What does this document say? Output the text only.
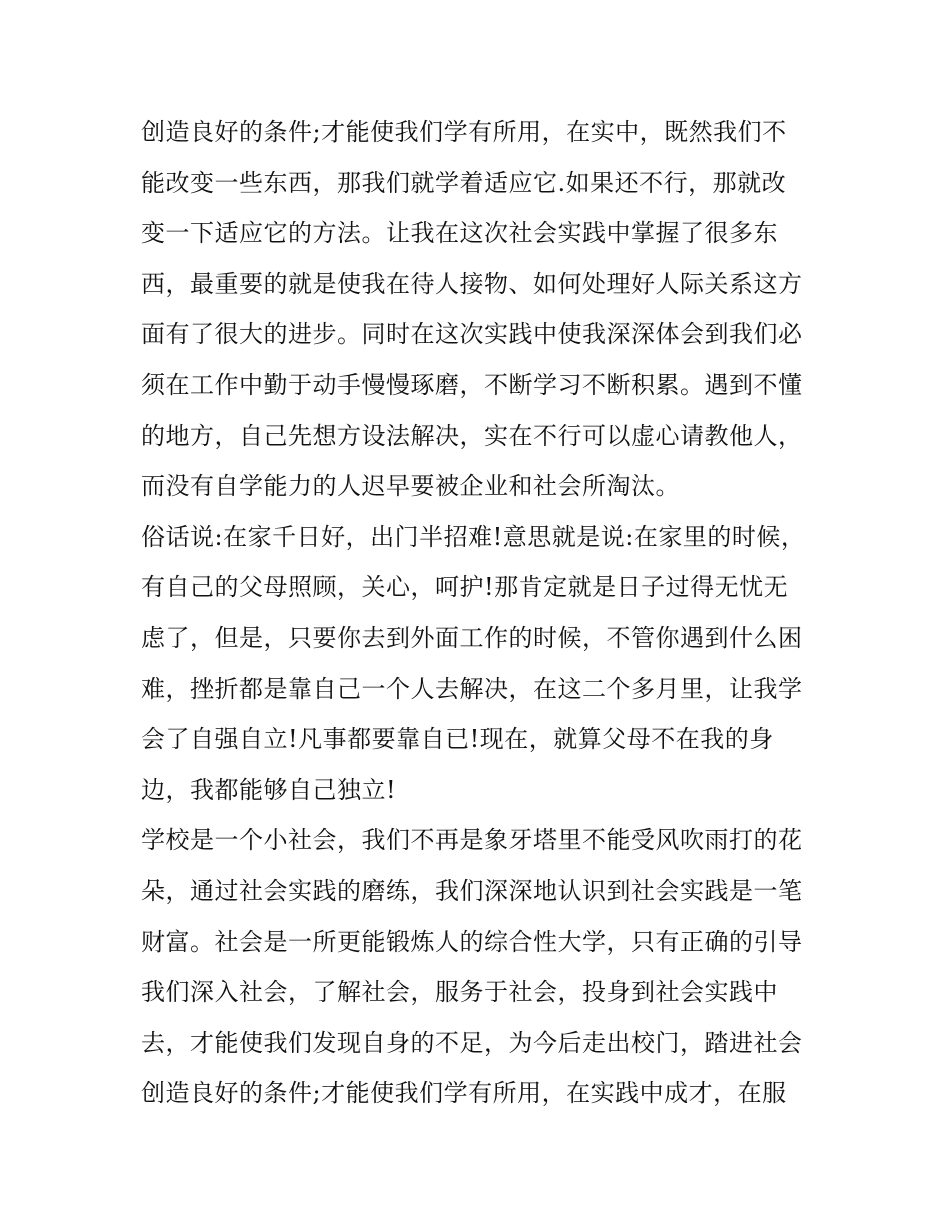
创造良好的条件;才能使我们学有所用，在实中，既然我们不
能改变一些东西，那我们就学着适应它.如果还不行，那就改
变一下适应它的方法。让我在这次社会实践中掌握了很多东
西，最重要的就是使我在待人接物、如何处理好人际关系这方
面有了很大的进步。同时在这次实践中使我深深体会到我们必
须在工作中勤于动手慢慢琢磨，不断学习不断积累。遇到不懂
的地方，自己先想方设法解决，实在不行可以虚心请教他人，
而没有自学能力的人迟早要被企业和社会所淘汰。
俗话说:在家千日好，出门半招难!意思就是说:在家里的时候，
有自己的父母照顾，关心，呵护!那肯定就是日子过得无忧无
虑了，但是，只要你去到外面工作的时候，不管你遇到什么困
难，挫折都是靠自己一个人去解决，在这二个多月里，让我学
会了自强自立!凡事都要靠自已!现在，就算父母不在我的身
边，我都能够自己独立!
学校是一个小社会，我们不再是象牙塔里不能受风吹雨打的花
朵，通过社会实践的磨练，我们深深地认识到社会实践是一笔
财富。社会是一所更能锻炼人的综合性大学，只有正确的引导
我们深入社会，了解社会，服务于社会，投身到社会实践中
去，才能使我们发现自身的不足，为今后走出校门，踏进社会
创造良好的条件;才能使我们学有所用，在实践中成才，在服
